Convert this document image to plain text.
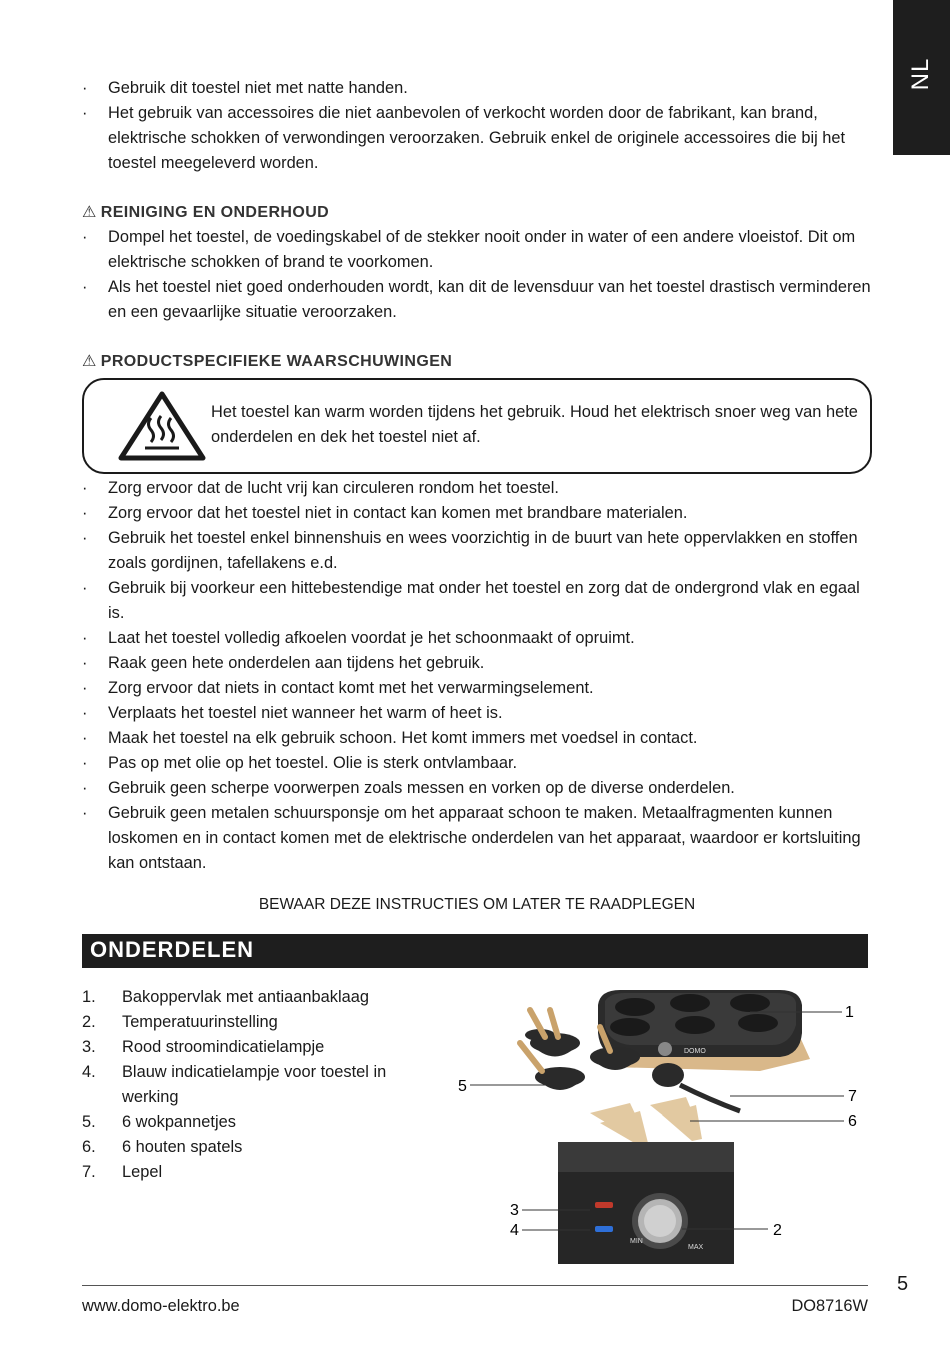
NL
· Gebruik dit toestel niet met natte handen.
· Het gebruik van accessoires die niet aanbevolen of verkocht worden door de fabrikant, kan brand, elektrische schokken of verwondingen veroorzaken. Gebruik enkel de originele accessoires die bij het toestel meegeleverd worden.
⚠ REINIGING EN ONDERHOUD
· Dompel het toestel, de voedingskabel of de stekker nooit onder in water of een andere vloeistof. Dit om elektrische schokken of brand te voorkomen.
· Als het toestel niet goed onderhouden wordt, kan dit de levensduur van het toestel drastisch verminderen en een gevaarlijke situatie veroorzaken.
⚠ PRODUCTSPECIFIEKE WAARSCHUWINGEN

Het toestel kan warm worden tijdens het gebruik. Houd het elektrisch snoer weg van hete onderdelen en dek het toestel niet af.

· Zorg ervoor dat de lucht vrij kan circuleren rondom het toestel.
· Zorg ervoor dat het toestel niet in contact kan komen met brandbare materialen.
· Gebruik het toestel enkel binnenshuis en wees voorzichtig in de buurt van hete oppervlakken en stoffen zoals gordijnen, tafellakens e.d.
· Gebruik bij voorkeur een hittebestendige mat onder het toestel en zorg dat de ondergrond vlak en egaal is.
· Laat het toestel volledig afkoelen voordat je het schoonmaakt of opruimt.
· Raak geen hete onderdelen aan tijdens het gebruik.
· Zorg ervoor dat niets in contact komt met het verwarmingselement.
· Verplaats het toestel niet wanneer het warm of heet is.
· Maak het toestel na elk gebruik schoon. Het komt immers met voedsel in contact.
· Pas op met olie op het toestel. Olie is sterk ontvlambaar.
· Gebruik geen scherpe voorwerpen zoals messen en vorken op de diverse onderdelen.
· Gebruik geen metalen schuursponsje om het apparaat schoon te maken. Metaalfragmenten kunnen loskomen en in contact komen met de elektrische onderdelen van het apparaat, waardoor er kortsluiting kan ontstaan.
BEWAAR DEZE INSTRUCTIES OM LATER TE RAADPLEGEN
ONDERDELEN
1.	Bakoppervlak met antiaanbaklaag
2.	Temperatuurinstelling
3.	Rood stroomindicatielampje
4.	Blauw indicatielampje voor toestel in werking
5.	6 wokpannetjes
6.	6 houten spatels
7.	Lepel
DOMO
1
5
7
6
MIN
MAX
3
4	2
www.domo-elektro.be	DO8716W
5
